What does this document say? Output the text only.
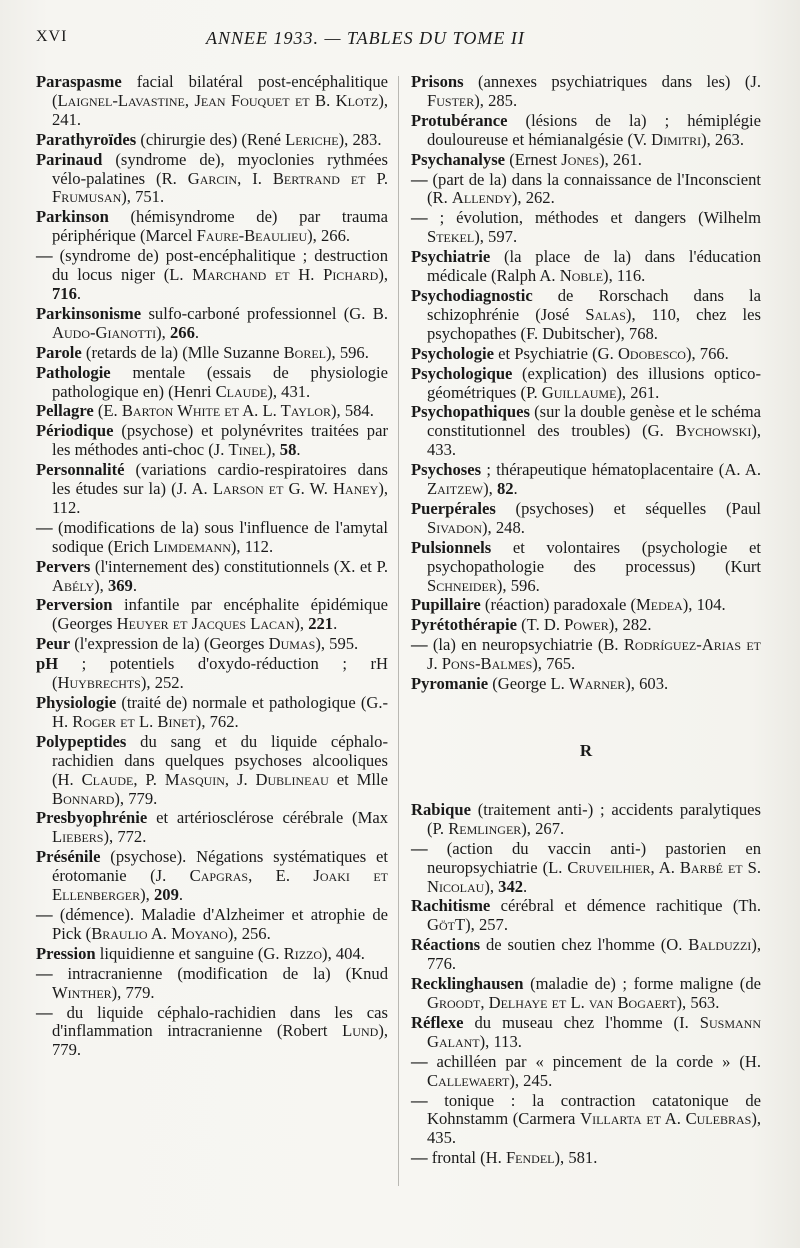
XVI	ANNEE 1933. — TABLES DU TOME II

Paraspasme facial bilatéral post-encéphalitique (Laignel-Lavastine, Jean Fouquet et B. Klotz), 241.

Parathyroïdes (chirurgie des) (René Leriche), 283.

Parinaud (syndrome de), myoclonies rythmées vélo-palatines (R. Garcin, I. Bertrand et P. Frumusan), 751.

Parkinson (hémisyndrome de) par trauma périphérique (Marcel Faure-Beaulieu), 266.

— (syndrome de) post-encéphalitique ; destruction du locus niger (L. Marchand et H. Pichard), 716.

Parkinsonisme sulfo-carboné professionnel (G. B. Audo-Gianotti), 266.

Parole (retards de la) (Mlle Suzanne Borel), 596.

Pathologie mentale (essais de physiologie pathologique en) (Henri Claude), 431.

Pellagre (E. Barton White et A. L. Taylor), 584.

Périodique (psychose) et polynévrites traitées par les méthodes anti-choc (J. Tinel), 58.

Personnalité (variations cardio-respiratoires dans les études sur la) (J. A. Larson et G. W. Haney), 112.

— (modifications de la) sous l'influence de l'amytal sodique (Erich Limdemann), 112.

Pervers (l'internement des) constitutionnels (X. et P. Abély), 369.

Perversion infantile par encéphalite épidémique (Georges Heuyer et Jacques Lacan), 221.

Peur (l'expression de la) (Georges Dumas), 595.

pH ; potentiels d'oxydo-réduction ; rH (Huybrechts), 252.

Physiologie (traité de) normale et pathologique (G.-H. Roger et L. Binet), 762.

Polypeptides du sang et du liquide céphalo-rachidien dans quelques psychoses alcooliques (H. Claude, P. Masquin, J. Dublineau et Mlle Bonnard), 779.

Presbyophrénie et artériosclérose cérébrale (Max Liebers), 772.

Présénile (psychose). Négations systématiques et érotomanie (J. Capgras, E. Joaki et Ellenberger), 209.

— (démence). Maladie d'Alzheimer et atrophie de Pick (Braulio A. Moyano), 256.

Pression liquidienne et sanguine (G. Rizzo), 404.

— intracranienne (modification de la) (Knud Winther), 779.

— du liquide céphalo-rachidien dans les cas d'inflammation intracranienne (Robert Lund), 779.

Prisons (annexes psychiatriques dans les) (J. Fuster), 285.

Protubérance (lésions de la) ; hémiplégie douloureuse et hémianalgésie (V. Dimitri), 263.

Psychanalyse (Ernest Jones), 261.

— (part de la) dans la connaissance de l'Inconscient (R. Allendy), 262.

— ; évolution, méthodes et dangers (Wilhelm Stekel), 597.

Psychiatrie (la place de la) dans l'éducation médicale (Ralph A. Noble), 116.

Psychodiagnostic de Rorschach dans la schizophrénie (José Salas), 110, chez les psychopathes (F. Dubitscher), 768.

Psychologie et Psychiatrie (G. Odobesco), 766.

Psychologique (explication) des illusions optico-géométriques (P. Guillaume), 261.

Psychopathiques (sur la double genèse et le schéma constitutionnel des troubles) (G. Bychowski), 433.

Psychoses ; thérapeutique hématoplacentaire (A. A. Zaitzew), 82.

Puerpérales (psychoses) et séquelles (Paul Sivadon), 248.

Pulsionnels et volontaires (psychologie et psychopathologie des processus) (Kurt Schneider), 596.

Pupillaire (réaction) paradoxale (Medea), 104.

Pyrétothérapie (T. D. Power), 282.

— (la) en neuropsychiatrie (B. Rodríguez-Arias et J. Pons-Balmes), 765.

Pyromanie (George L. Warner), 603.

R

Rabique (traitement anti-) ; accidents paralytiques (P. Remlinger), 267.

— (action du vaccin anti-) pastorien en neuropsychiatrie (L. Cruveilhier, A. Barbé et S. Nicolau), 342.

Rachitisme cérébral et démence rachitique (Th. GötT), 257.

Réactions de soutien chez l'homme (O. Balduzzi), 776.

Recklinghausen (maladie de) ; forme maligne (de Groodt, Delhaye et L. van Bogaert), 563.

Réflexe du museau chez l'homme (I. Susmann Galant), 113.

— achilléen par « pincement de la corde » (H. Callewaert), 245.

— tonique : la contraction catatonique de Kohnstamm (Carmera Villarta et A. Culebras), 435.

— frontal (H. Fendel), 581.
